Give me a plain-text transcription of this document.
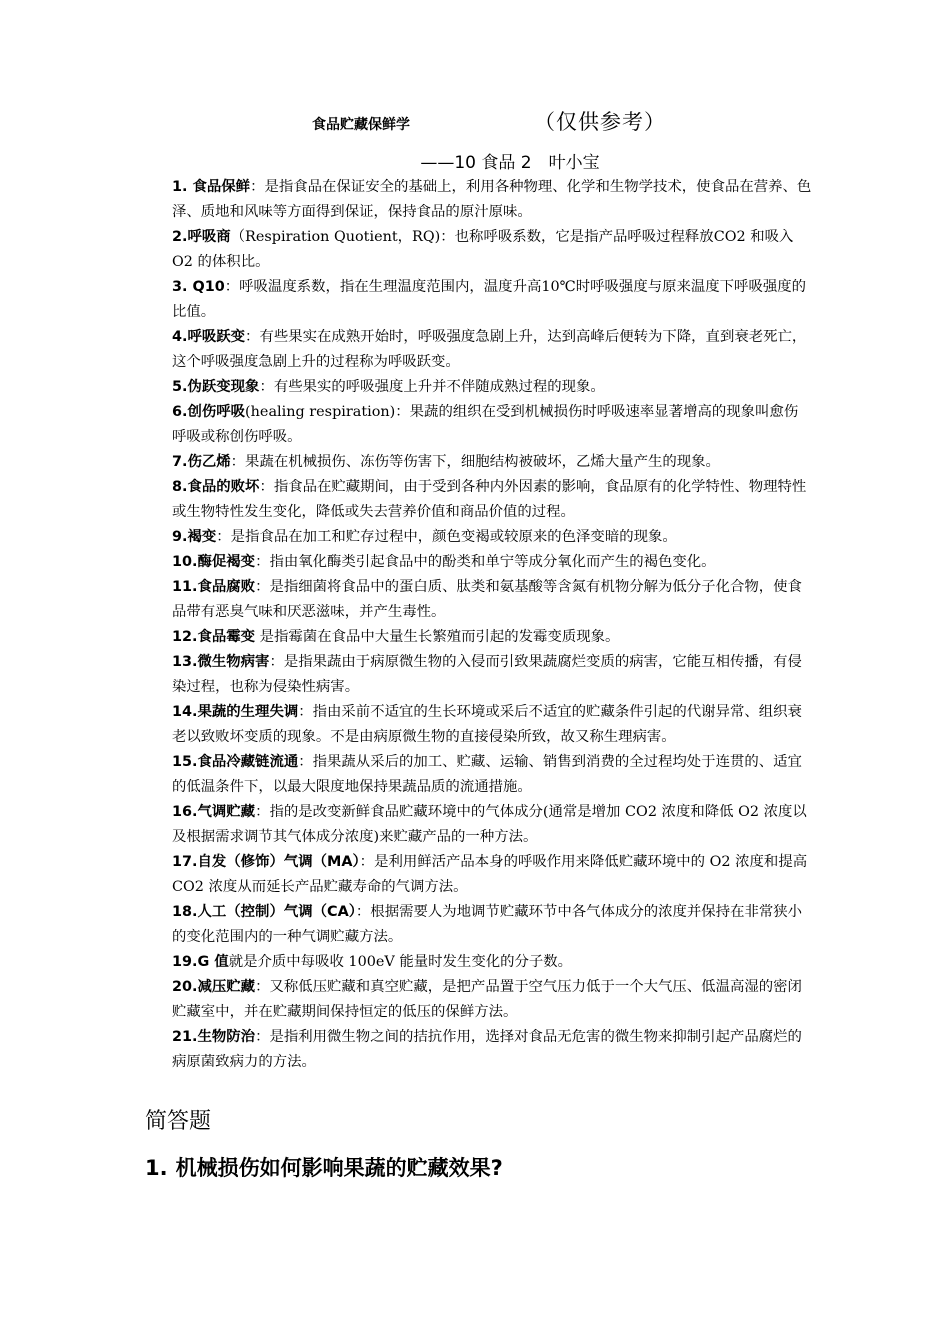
食品贮藏保鲜学	（仅供参考）
——10 食品 2　叶小宝

1. 食品保鲜：是指食品在保证安全的基础上，利用各种物理、化学和生物学技术，使食品在营养、色泽、质地和风味等方面得到保证，保持食品的原汁原味。

2.呼吸商（Respiration Quotient，RQ)：也称呼吸系数，它是指产品呼吸过程释放CO2 和吸入 O2 的体积比。

3. Q10：呼吸温度系数，指在生理温度范围内，温度升高10℃时呼吸强度与原来温度下呼吸强度的比值。

4.呼吸跃变：有些果实在成熟开始时，呼吸强度急剧上升，达到高峰后便转为下降，直到衰老死亡，这个呼吸强度急剧上升的过程称为呼吸跃变。

5.伪跃变现象：有些果实的呼吸强度上升并不伴随成熟过程的现象。

6.创伤呼吸(healing respiration)：果蔬的组织在受到机械损伤时呼吸速率显著增高的现象叫愈伤呼吸或称创伤呼吸。

7.伤乙烯：果蔬在机械损伤、冻伤等伤害下，细胞结构被破坏，乙烯大量产生的现象。

8.食品的败坏：指食品在贮藏期间，由于受到各种内外因素的影响，食品原有的化学特性、物理特性或生物特性发生变化，降低或失去营养价值和商品价值的过程。

9.褐变：是指食品在加工和贮存过程中，颜色变褐或较原来的色泽变暗的现象。

10.酶促褐变：指由氧化酶类引起食品中的酚类和单宁等成分氧化而产生的褐色变化。

11.食品腐败：是指细菌将食品中的蛋白质、肽类和氨基酸等含氮有机物分解为低分子化合物，使食品带有恶臭气味和厌恶滋味，并产生毒性。

12.食品霉变 是指霉菌在食品中大量生长繁殖而引起的发霉变质现象。

13.微生物病害：是指果蔬由于病原微生物的入侵而引致果蔬腐烂变质的病害，它能互相传播，有侵染过程，也称为侵染性病害。

14.果蔬的生理失调：指由采前不适宜的生长环境或采后不适宜的贮藏条件引起的代谢异常、组织衰老以致败坏变质的现象。不是由病原微生物的直接侵染所致，故又称生理病害。

15.食品冷藏链流通：指果蔬从采后的加工、贮藏、运输、销售到消费的全过程均处于连贯的、适宜的低温条件下，以最大限度地保持果蔬品质的流通措施。

16.气调贮藏：指的是改变新鲜食品贮藏环境中的气体成分(通常是增加 CO2 浓度和降低 O2 浓度以及根据需求调节其气体成分浓度)来贮藏产品的一种方法。

17.自发（修饰）气调（MA）：是利用鲜活产品本身的呼吸作用来降低贮藏环境中的 O2 浓度和提高 CO2 浓度从而延长产品贮藏寿命的气调方法。

18.人工（控制）气调（CA）：根据需要人为地调节贮藏环节中各气体成分的浓度并保持在非常狭小的变化范围内的一种气调贮藏方法。

19.G 值就是介质中每吸收 100eV 能量时发生变化的分子数。

20.减压贮藏：又称低压贮藏和真空贮藏，是把产品置于空气压力低于一个大气压、低温高湿的密闭贮藏室中，并在贮藏期间保持恒定的低压的保鲜方法。

21.生物防治：是指利用微生物之间的拮抗作用，选择对食品无危害的微生物来抑制引起产品腐烂的病原菌致病力的方法。

简答题
1. 机械损伤如何影响果蔬的贮藏效果?
